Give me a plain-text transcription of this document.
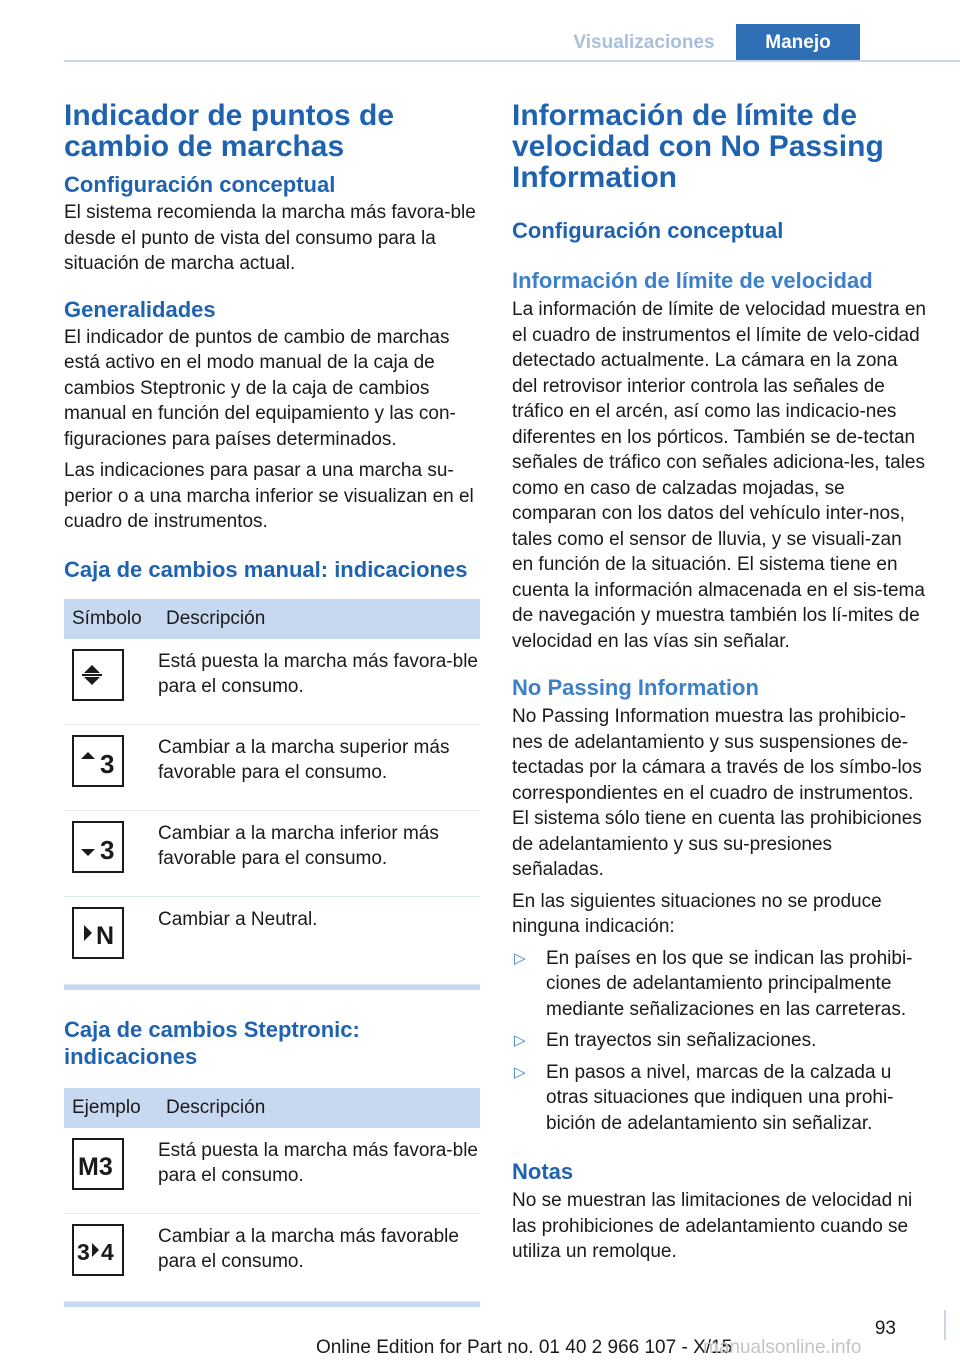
Visualizaciones	Manejo
Indicador de puntos de cambio de marchas
Configuración conceptual

El sistema recomienda la marcha más favora-ble desde el punto de vista del consumo para la situación de marcha actual.

Generalidades

El indicador de puntos de cambio de marchas está activo en el modo manual de la caja de cambios Steptronic y de la caja de cambios manual en función del equipamiento y las con-figuraciones para países determinados.

Las indicaciones para pasar a una marcha su-perior o a una marcha inferior se visualizan en el cuadro de instrumentos.

Caja de cambios manual: indicaciones
Símbolo	Descripción

	Está puesta la marcha más favora-ble para el consumo.

3	Cambiar a la marcha superior más favorable para el consumo.

3	Cambiar a la marcha inferior más favorable para el consumo.

N	Cambiar a Neutral.
Caja de cambios Steptronic: indicaciones
Ejemplo	Descripción

M3	Está puesta la marcha más favora-ble para el consumo.

3 4	Cambiar a la marcha más favorable para el consumo.
Información de límite de velocidad con No Passing Information
Configuración conceptual
Información de límite de velocidad

La información de límite de velocidad muestra en el cuadro de instrumentos el límite de velo-cidad detectado actualmente. La cámara en la zona del retrovisor interior controla las señales de tráfico en el arcén, así como las indicacio-nes diferentes en los pórticos. También se de-tectan señales de tráfico con señales adiciona-les, tales como en caso de calzadas mojadas, se comparan con los datos del vehículo inter-nos, tales como el sensor de lluvia, y se visuali-zan en función de la situación. El sistema tiene en cuenta la información almacenada en el sis-tema de navegación y muestra también los lí-mites de velocidad en las vías sin señalar.

No Passing Information

No Passing Information muestra las prohibicio-nes de adelantamiento y sus suspensiones de-tectadas por la cámara a través de los símbo-los correspondientes en el cuadro de instrumentos. El sistema sólo tiene en cuenta las prohibiciones de adelantamiento y sus su-presiones señaladas.

En las siguientes situaciones no se produce ninguna indicación:

▷ En países en los que se indican las prohibi-ciones de adelantamiento principalmente mediante señalizaciones en las carreteras.
▷ En trayectos sin señalizaciones.
▷ En pasos a nivel, marcas de la calzada u otras situaciones que indiquen una prohi-bición de adelantamiento sin señalizar.
Notas

No se muestran las limitaciones de velocidad ni las prohibiciones de adelantamiento cuando se utiliza un remolque.

93
Online Edition for Part no. 01 40 2 966 107 - X/15
manualsonline.info
